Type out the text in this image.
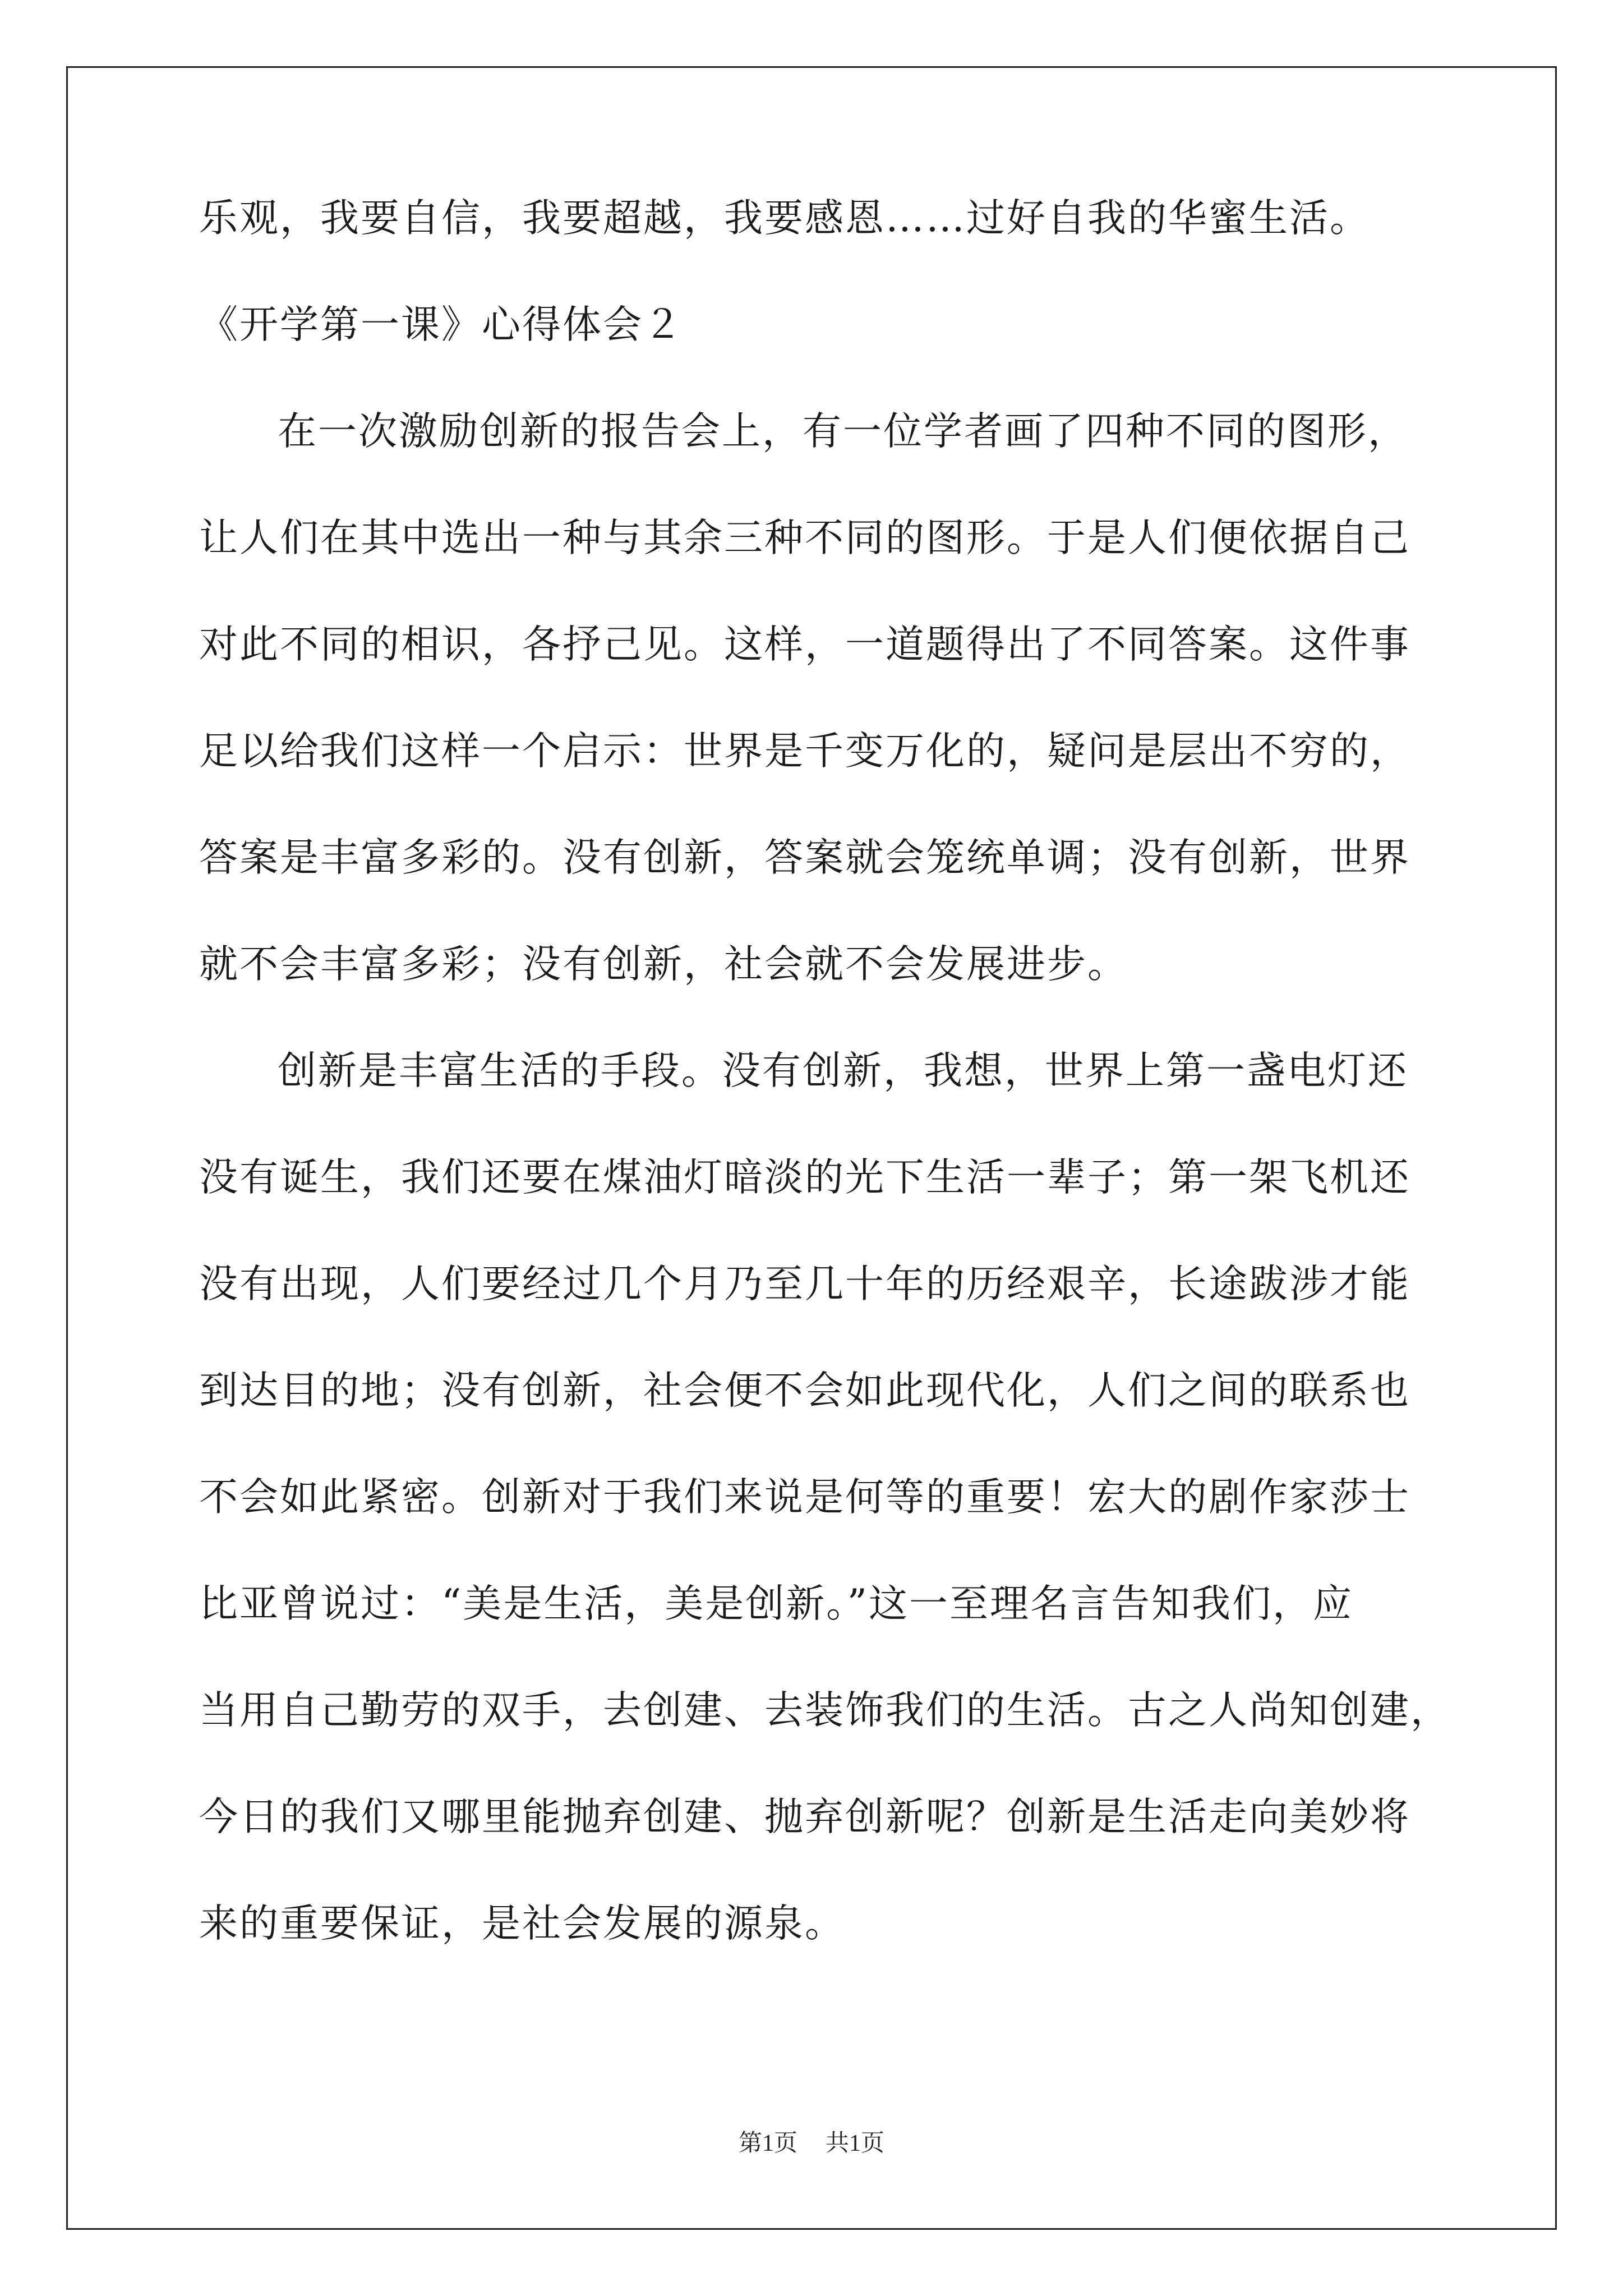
乐观，我要自信，我要超越，我要感恩……过好自我的华蜜生活。
《开学第一课》心得体会２
在一次激励创新的报告会上，有一位学者画了四种不同的图形，
让人们在其中选出一种与其余三种不同的图形。于是人们便依据自己
对此不同的相识，各抒己见。这样，一道题得出了不同答案。这件事
足以给我们这样一个启示：世界是千变万化的，疑问是层出不穷的，
答案是丰富多彩的。没有创新，答案就会笼统单调；没有创新，世界
就不会丰富多彩；没有创新，社会就不会发展进步。
创新是丰富生活的手段。没有创新，我想，世界上第一盏电灯还
没有诞生，我们还要在煤油灯暗淡的光下生活一辈子；第一架飞机还
没有出现，人们要经过几个月乃至几十年的历经艰辛，长途跋涉才能
到达目的地；没有创新，社会便不会如此现代化，人们之间的联系也
不会如此紧密。创新对于我们来说是何等的重要！宏大的剧作家莎士
比亚曾说过：“美是生活，美是创新。”这一至理名言告知我们，应
当用自己勤劳的双手，去创建、去装饰我们的生活。古之人尚知创建，
今日的我们又哪里能抛弃创建、抛弃创新呢？创新是生活走向美妙将
来的重要保证，是社会发展的源泉。
第1页 共1页
